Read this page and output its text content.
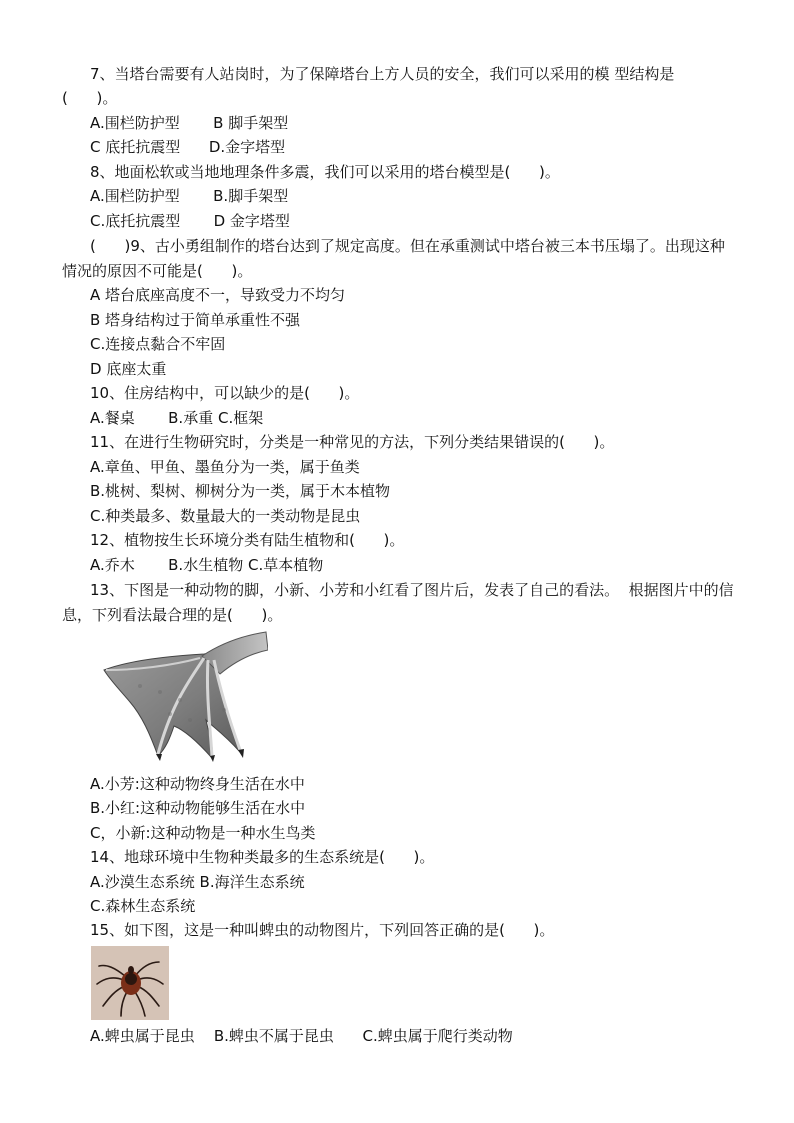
7、当塔台需要有人站岗时，为了保障塔台上方人员的安全，我们可以采用的模 型结构是
(      )。
A.围栏防护型       B 脚手架型
C 底托抗震型      D.金字塔型
8、地面松软或当地地理条件多震，我们可以采用的塔台模型是(      )。
A.围栏防护型       B.脚手架型
C.底托抗震型       D 金字塔型
(      )9、古小勇组制作的塔台达到了规定高度。但在承重测试中塔台被三本书压塌了。出现这种情况的原因不可能是(      )。
A 塔台底座高度不一，导致受力不均匀
B 塔身结构过于简单承重性不强
C.连接点黏合不牢固
D 底座太重
10、住房结构中，可以缺少的是(      )。
A.餐桌       B.承重 C.框架
11、在进行生物研究时，分类是一种常见的方法，下列分类结果错误的(      )。
A.章鱼、甲鱼、墨鱼分为一类，属于鱼类
B.桃树、梨树、柳树分为一类，属于木本植物
C.种类最多、数量最大的一类动物是昆虫
12、植物按生长环境分类有陆生植物和(      )。
A.乔木       B.水生植物 C.草本植物
13、下图是一种动物的脚，小新、小芳和小红看了图片后，发表了自己的看法。  根据图片中的信息，下列看法最合理的是(      )。
A.小芳:这种动物终身生活在水中
B.小红:这种动物能够生活在水中
C，小新:这种动物是一种水生鸟类
14、地球环境中生物种类最多的生态系统是(      )。
A.沙漠生态系统 B.海洋生态系统
C.森林生态系统
15、如下图，这是一种叫蜱虫的动物图片，下列回答正确的是(      )。
A.蜱虫属于昆虫    B.蜱虫不属于昆虫      C.蜱虫属于爬行类动物
